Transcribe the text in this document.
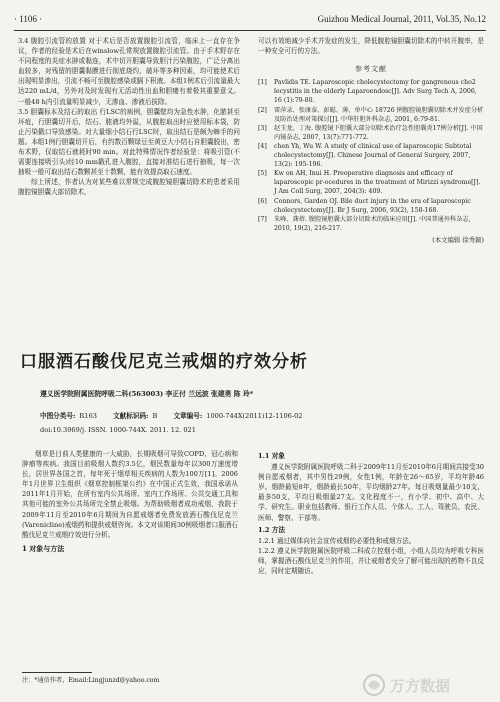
· 1106 ·	Guizhou Medical Journal, 2011, Vol.35, No.12

3.4 腹腔引流管的放置 对于术后是否放置腹腔引流管，临床上一直存在争议，作者的经验是术后在winslow孔常规放置腹腔引流管。由于手术野存在不同程度的炎症水肿或黏连，术中切开胆囊导致胆汁污染腹腔，广泛分离出血较多，对残留的胆囊黏膜进行彻底烧灼，破坏等多种因素，均可能使术后出现明显渗出，引流不畅可至腹腔感染或膈下积液。本组1例术后引流量最大达220 mL/d，另外对及时发现有无活动性出血和胆瘘有着极其重要意义。一般48 h内引流量明显减少，无渗血、渗液后拔除。

3.5 胆囊标本及结石的取出 行LSC的病例，胆囊壁均为急性水肿，化脓甚至坏疽，行胆囊切开后，结石、脓液均外溢，从腹腔取出时应使用标本袋，防止污染戳口导致感染。对大量细小结石行LSC时，取出结石是颇为棘手的问题。本组1例行胆囊切开后，有约数百颗绿豆至黄豆大小结石自胆囊脱出，密布术野，仅取结石就耗时90 min。对此特殊情况作者经验是：将吸引管(不需要连接吸引头)经10 mm戳孔进入腹腔，直接对准结石进行抽吸，每一次抽吸一般可取出结石数颗甚至十数颗，能有效提高取石速度。

综上所述，作者认为对某些难以常规完成腹腔镜胆囊切除术的患者采用腹腔镜胆囊大部切除术，

可以有效地减少手术并发症的发生，降低腹腔镜胆囊切除术的中转开腹率，是一种安全可行的方法。

参考文献
[1]	Pavlidis TE. Laparoscopic cholecystectomy for gangrenous cho2 lecystitis in the elderly Laparoendosc[J]. Adv Surg Tech A, 2006, 16 (1):79-80.
[2]	雷萍录、张康泰、彭聪、薄、单中心 18726 例腹腔镜胆囊切除术并发症分析及防治处理对策探讨[J]. 中华肝胆外科杂志, 2001, 6:79-81.
[3]	赵玉龙、丁海. 腹腔镜下胆囊大部分切除术治疗急性胆囊炎17例分析[J]. 中国内镜杂志, 2007, 13(7):771-772.
[4]	chen Yh, Wu W. A study of clinical use of laparoscopic Subtotal cholecystectomy[J]. Chinese Journal of General Surgery, 2007, 13(2): 195-196.
[5]	Kw on AH, Inui H. Preoperative diagnosis and efficacy of laparoscopic pr-ocedures in the treatment of Mirizzi syndrome[J]. J Am Coll Surg, 2007, 204(3): 409.
[6]	Connors, Garden OJ. Bile duct injury in the era of laparoscopic cholecystectomy[J]. Br J Surg, 2006, 93(2), 158-168.
[7]	朱峰、龚蓓. 腹腔镜胆囊大部分切除术的临床应用[J]. 中国普通外科杂志, 2010, 19(2), 216-217.
(本文编辑 徐秀颖)
口服酒石酸伐尼克兰戒烟的疗效分析
遵义医学院附属医院呼吸二科(563003) 李正付 兰远波 张建勇 陈 玲*
中图分类号: R163 文献标识码: B 文章编号: 1000-744X(2011)12-1106-02
doi:10.3969/j. ISSN. 1000-744X. 2011. 12. 021

烟草是目前人类健康的一大威胁，长期吸烟可导致COPD、冠心病和肿瘤等疾病。我国目前吸烟人数约3.5亿，烟民数量每年以300万速度增长，居世界各国之首，每年死于烟草相关疾病的人数为100万[1]。2006年1月世界卫生组织《烟草控制框架公约》在中国正式生效，我国承诺从2011年1月开始，在所有室内公共场所、室内工作场所、公共交通工具和其他可能的室外公共场所完全禁止吸烟。为帮助吸烟者成功戒烟，我院于2009年11月至2010年6月期间为自愿戒烟者免费发放酒石酸伐尼克兰(Varenicline)戒烟药和提供戒烟咨询。本文对该期间30例吸烟者口服酒石酸伐尼克兰戒烟疗效进行分析。

1 对象与方法
1.1 对象

遵义医学院附属医院呼吸二科于2009年11月至2010年6月期间共接受30例自愿戒烟者，其中男性29例，女性1例，年龄在26～65岁，平均年龄46岁。烟龄最短8年，烟龄最长50年，平均烟龄27年。每日吸烟量最少10支，最多50支，平均日吸烟量27支。文化程度不一，有小学、初中、高中、大学、研究生。职业包括教师、银行工作人员、个体人、工人、驾驶员、农民、医师、警察、干部等。

1.2 方法

1.2.1 通过媒体向社会宣传戒烟的必要性和戒烟方法。

1.2.2 遵义医学院附属医院呼吸二科成立控烟小组，小组人员均为呼吸专科医师，掌握酒石酸伐尼克兰的作用，并让戒烟者充分了解可能出现的药物不良反应，同时定期随访。

注：*通信作者，Email:Lingjunzd@yahoo.com	万方数据
